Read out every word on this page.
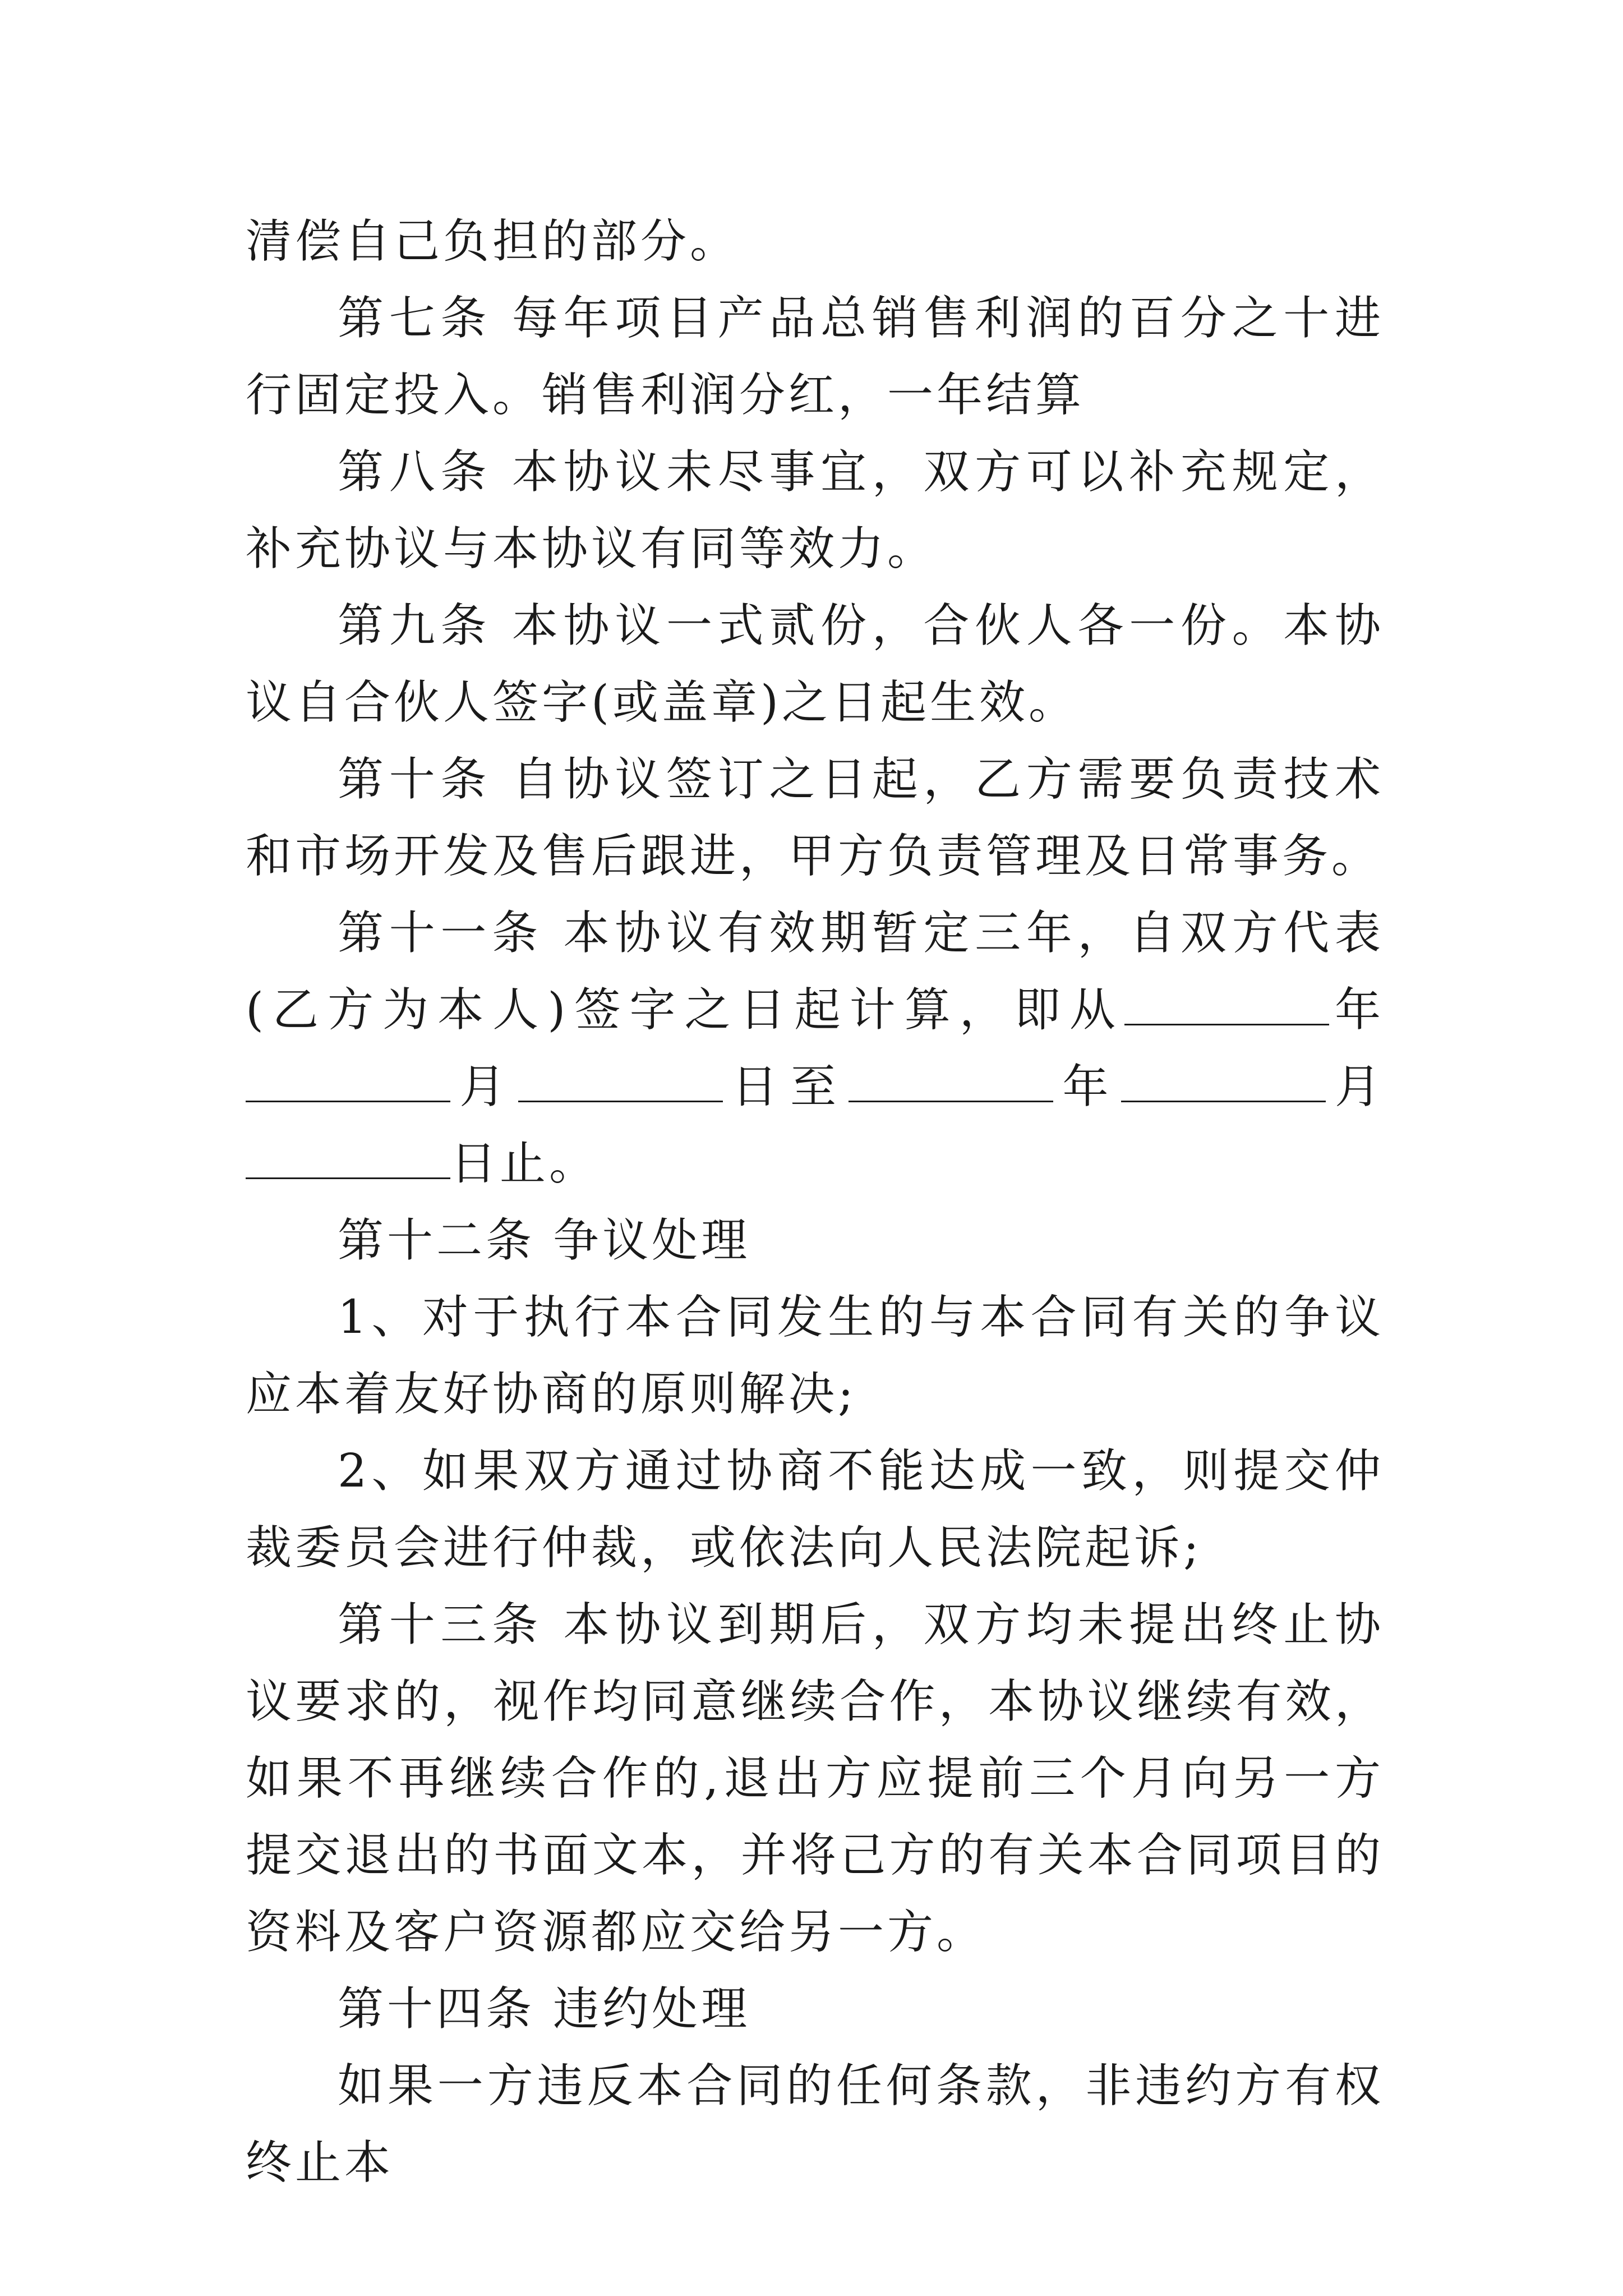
清偿自己负担的部分。

第七条 每年项目产品总销售利润的百分之十进行固定投入。销售利润分红，一年结算

第八条 本协议未尽事宜，双方可以补充规定，补充协议与本协议有同等效力。

第九条 本协议一式贰份，合伙人各一份。本协议自合伙人签字(或盖章)之日起生效。

第十条 自协议签订之日起，乙方需要负责技术和市场开发及售后跟进，甲方负责管理及日常事务。

第十一条 本协议有效期暂定三年，自双方代表(乙方为本人)签字之日起计算，即从	年月	日至	年	月日止。

第十二条 争议处理

1、对于执行本合同发生的与本合同有关的争议应本着友好协商的原则解决;

2、如果双方通过协商不能达成一致，则提交仲裁委员会进行仲裁，或依法向人民法院起诉;

第十三条 本协议到期后，双方均未提出终止协议要求的，视作均同意继续合作，本协议继续有效，如果不再继续合作的,退出方应提前三个月向另一方提交退出的书面文本，并将己方的有关本合同项目的资料及客户资源都应交给另一方。

第十四条 违约处理

如果一方违反本合同的任何条款，非违约方有权终止本
